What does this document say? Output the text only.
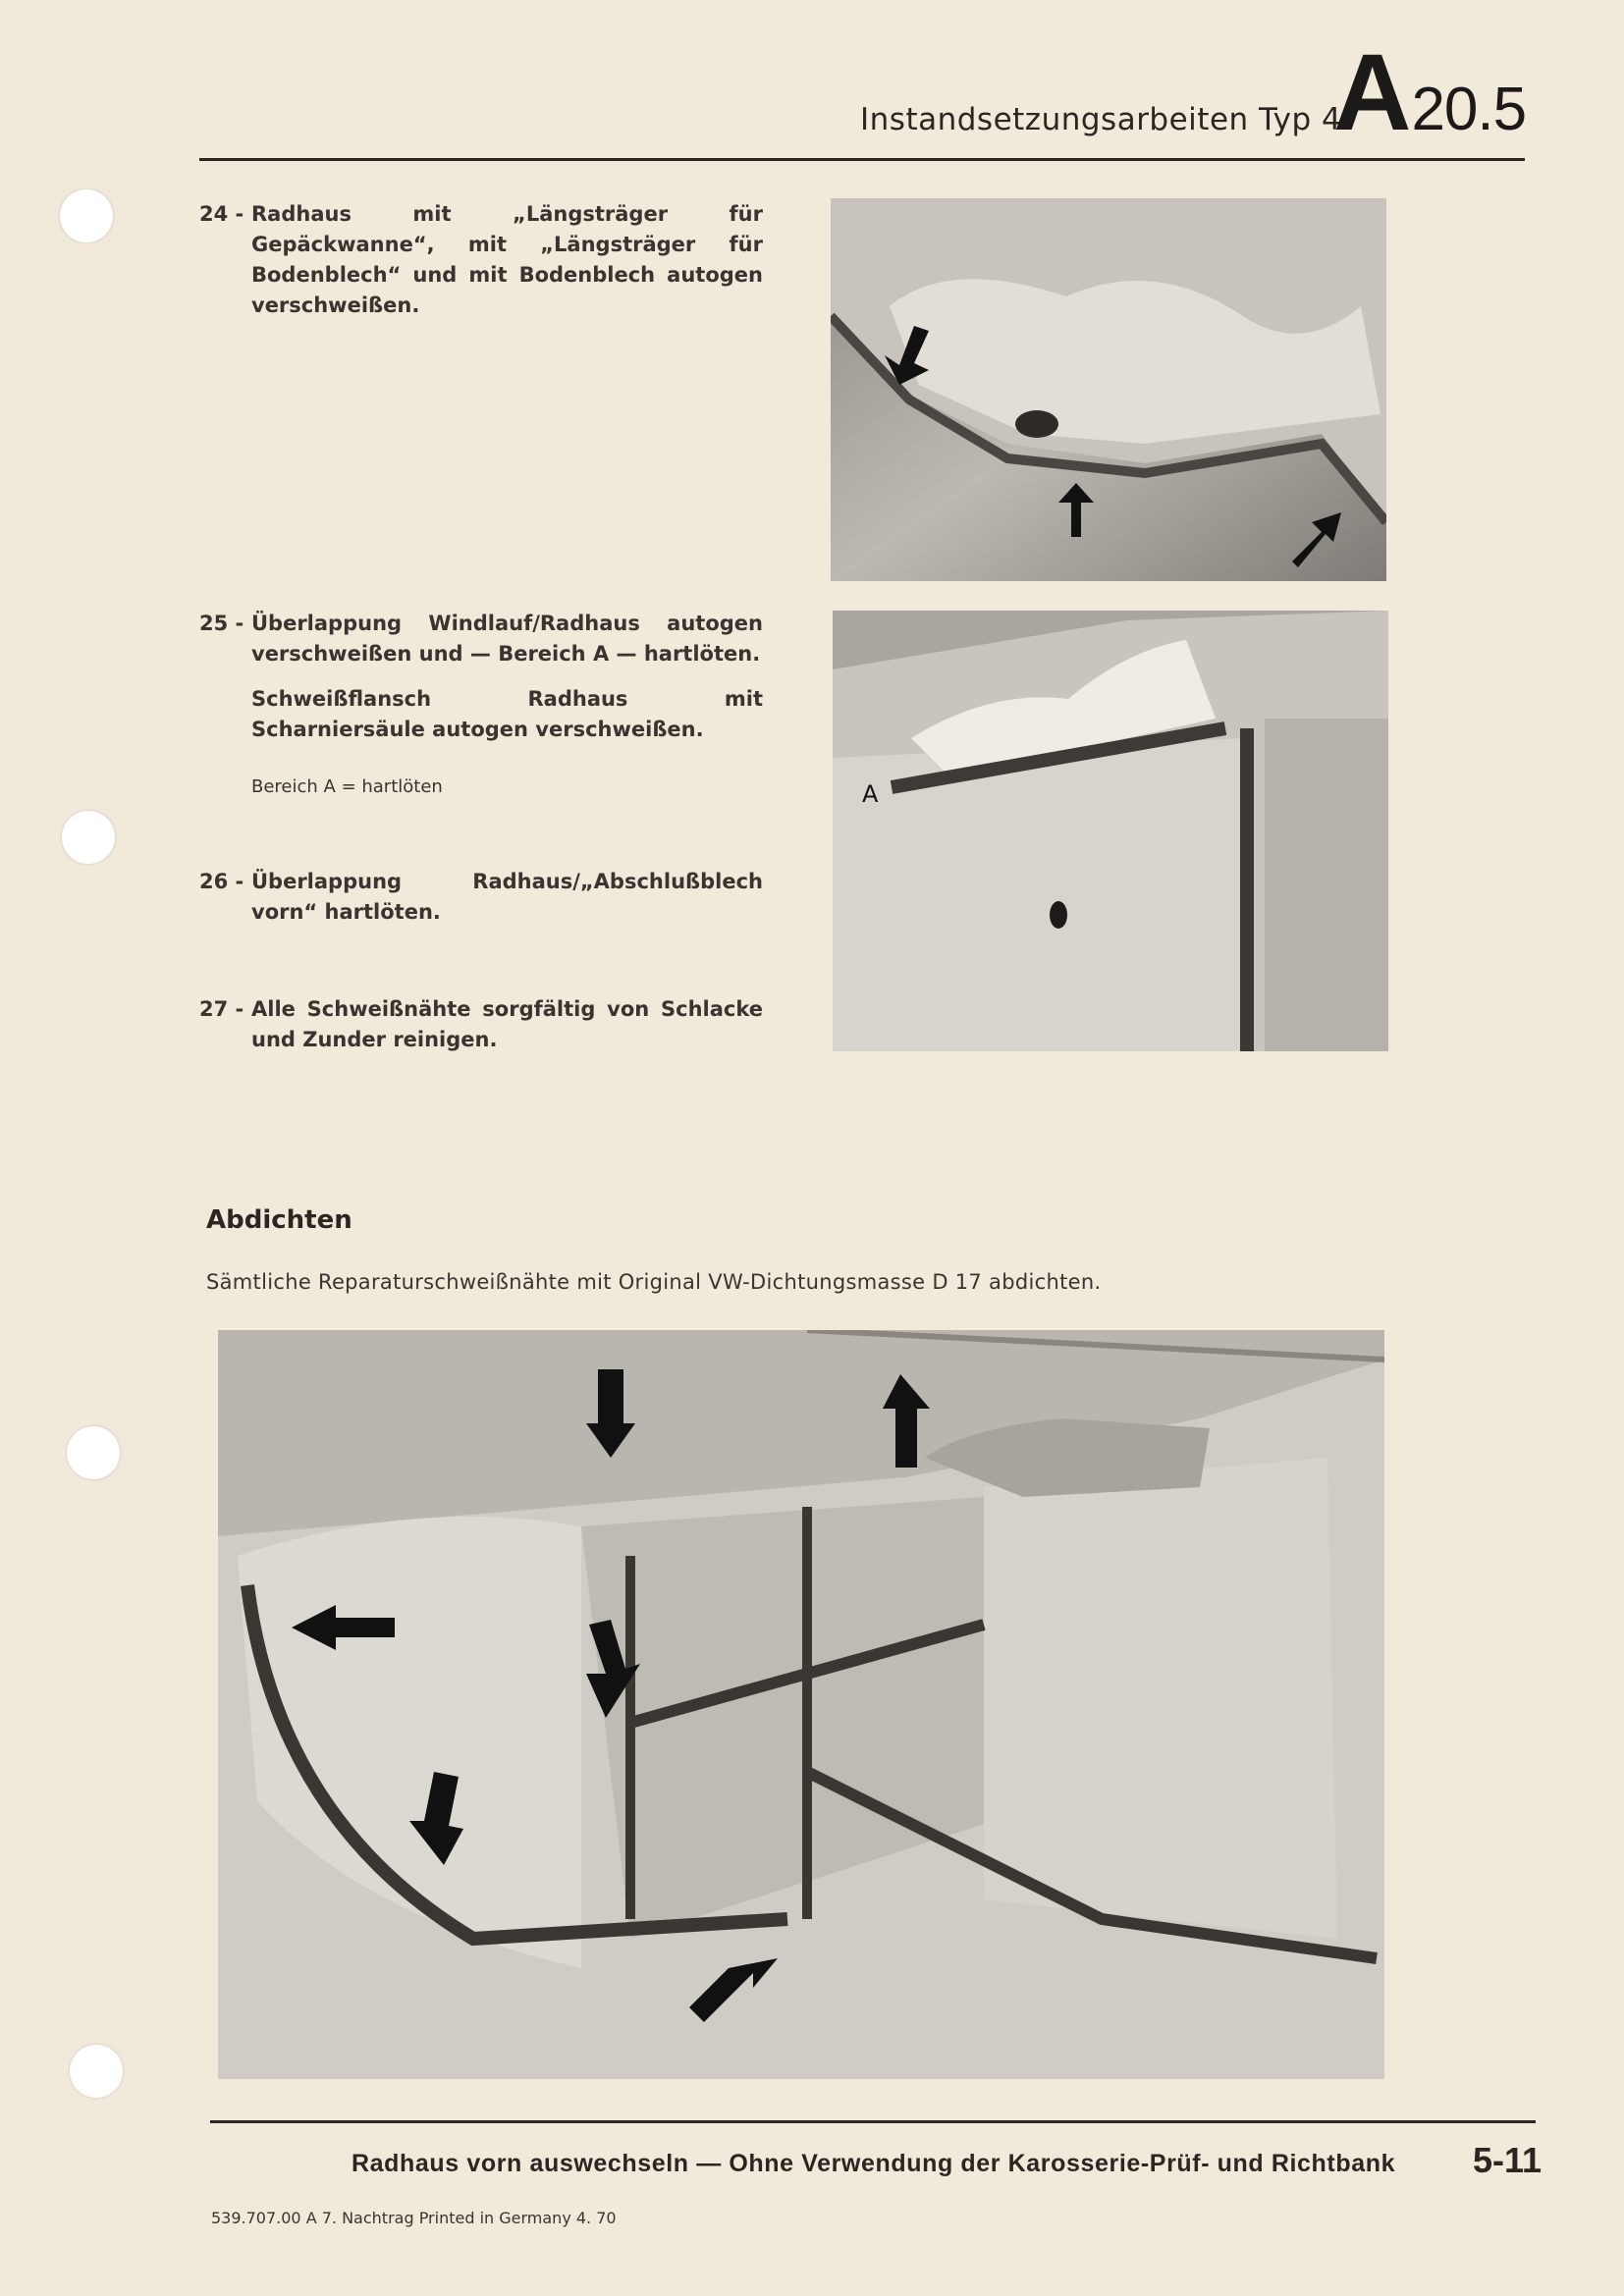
Instandsetzungsarbeiten Typ 4
A20.5
24 - Radhaus mit „Längsträger für Gepäckwanne“, mit „Längsträger für Bodenblech“ und mit Bodenblech autogen verschweißen.
25 - Überlappung Windlauf/Radhaus autogen verschweißen und — Bereich A — hartlöten.
Schweißflansch Radhaus mit Scharniersäule autogen verschweißen.
Bereich A = hartlöten
26 - Überlappung Radhaus/„Abschlußblech vorn“ hartlöten.
27 - Alle Schweißnähte sorgfältig von Schlacke und Zunder reinigen.
A
Abdichten
Sämtliche Reparaturschweißnähte mit Original VW-Dichtungsmasse D 17 abdichten.
Radhaus vorn auswechseln — Ohne Verwendung der Karosserie-Prüf- und Richtbank 5-11
539.707.00 A 7. Nachtrag Printed in Germany 4. 70
